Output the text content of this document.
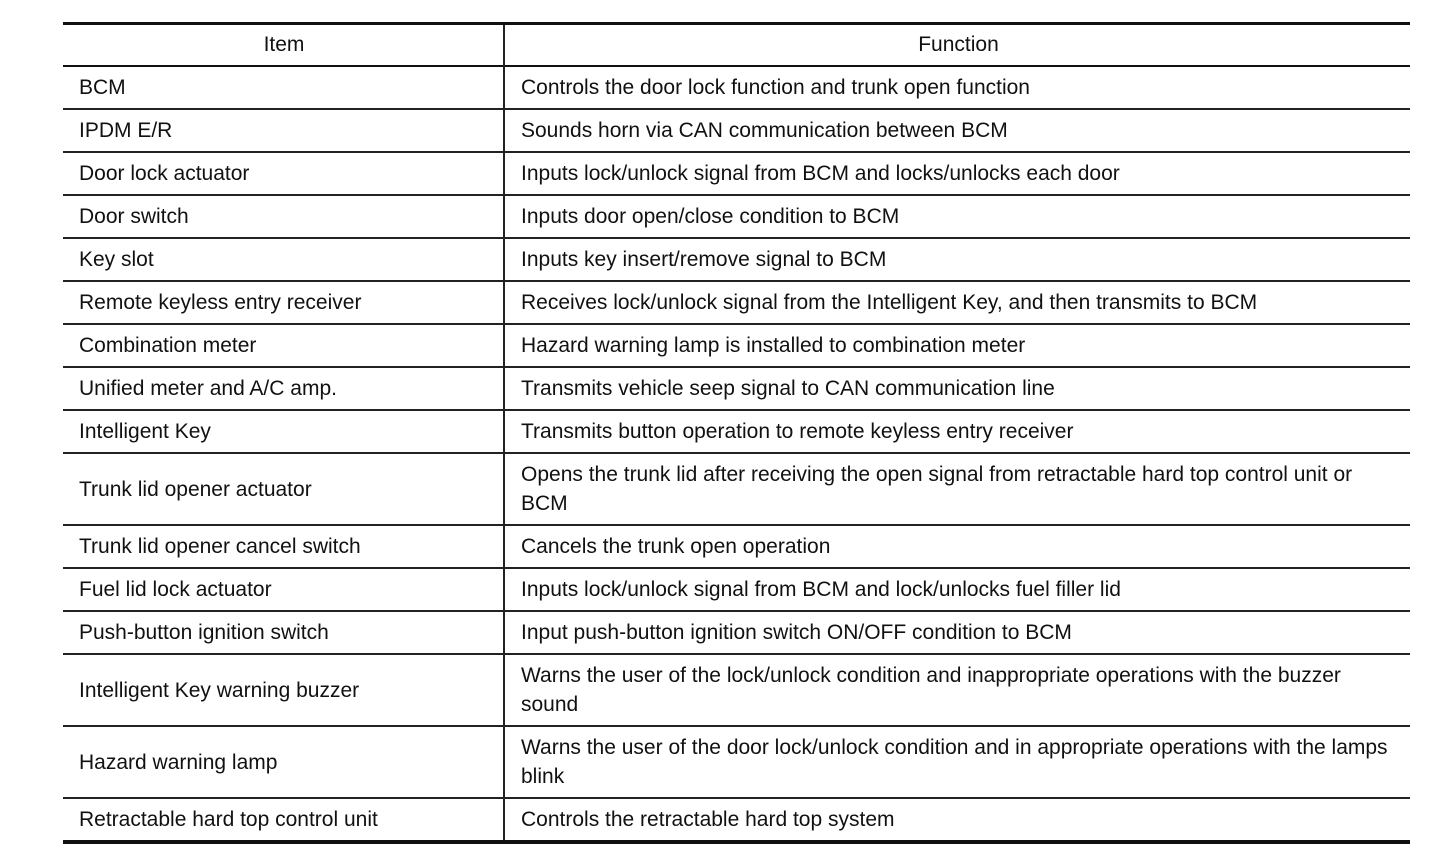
Item	Function
BCM	Controls the door lock function and trunk open function
IPDM E/R	Sounds horn via CAN communication between BCM
Door lock actuator	Inputs lock/unlock signal from BCM and locks/unlocks each door
Door switch	Inputs door open/close condition to BCM
Key slot	Inputs key insert/remove signal to BCM
Remote keyless entry receiver	Receives lock/unlock signal from the Intelligent Key, and then transmits to BCM
Combination meter	Hazard warning lamp is installed to combination meter
Unified meter and A/C amp.	Transmits vehicle seep signal to CAN communication line
Intelligent Key	Transmits button operation to remote keyless entry receiver
Trunk lid opener actuator	Opens the trunk lid after receiving the open signal from retractable hard top control unit or BCM
Trunk lid opener cancel switch	Cancels the trunk open operation
Fuel lid lock actuator	Inputs lock/unlock signal from BCM and lock/unlocks fuel filler lid
Push-button ignition switch	Input push-button ignition switch ON/OFF condition to BCM
Intelligent Key warning buzzer	Warns the user of the lock/unlock condition and inappropriate operations with the buzzer sound
Hazard warning lamp	Warns the user of the door lock/unlock condition and in appropriate operations with the lamps blink
Retractable hard top control unit	Controls the retractable hard top system
